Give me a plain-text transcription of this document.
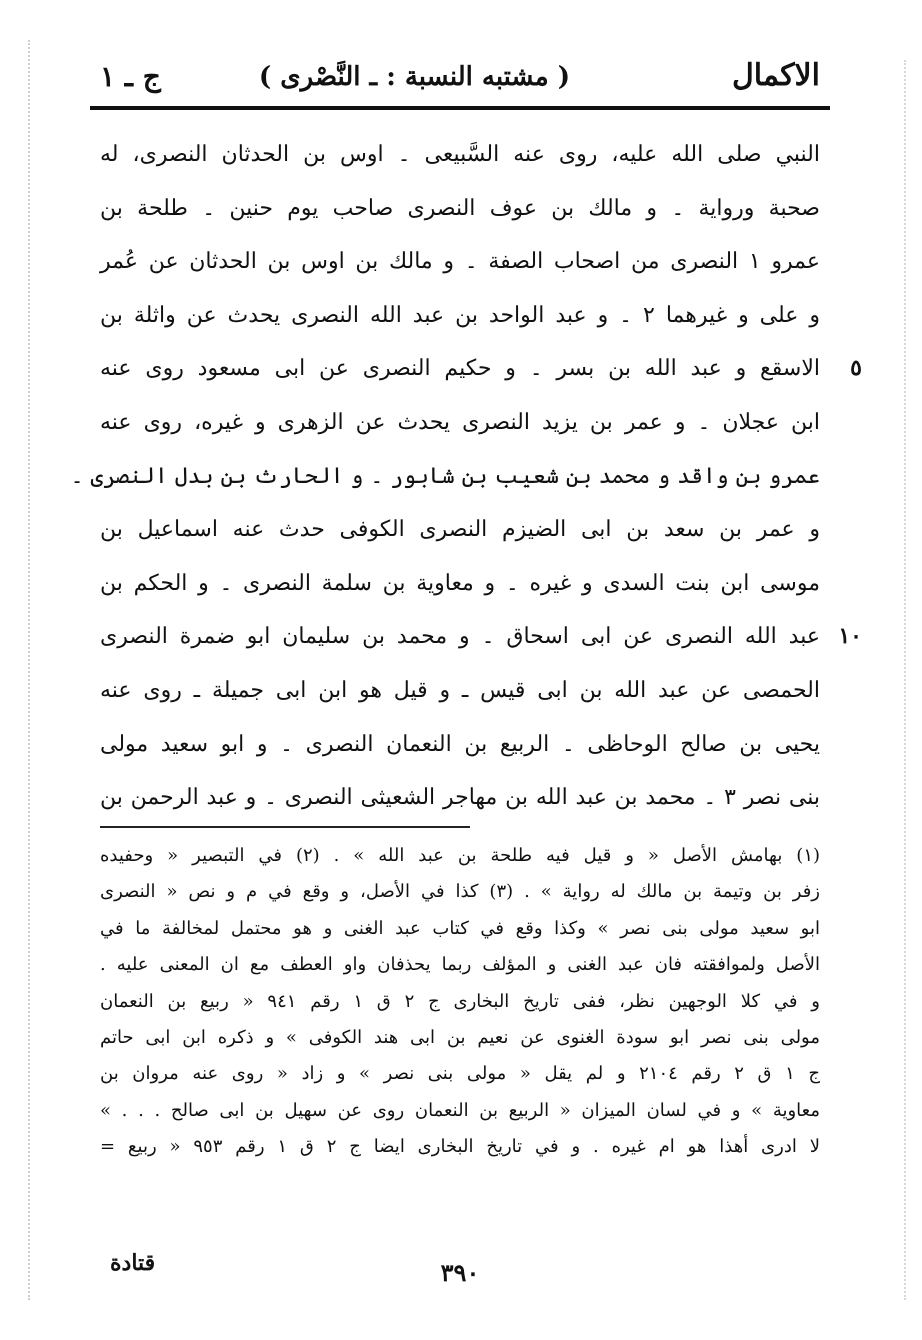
الاكمال
( مشتبه النسبة : ـ النَّصْرى )
ج ـ ١
النبي صلى الله عليه، روى عنه السَّبيعى ۔ اوس بن الحدثان النصرى، له
صحبة ورواية ۔ و مالك بن عوف النصرى صاحب يوم حنين ۔ طلحة بن
عمرو ١ النصرى من اصحاب الصفة ۔ و مالك بن اوس بن الحدثان عن عُمر
و على و غيرهما ٢ ۔ و عبد الواحد بن عبد الله النصرى يحدث عن واثلة بن
الاسقع و عبد الله بن بسر ۔ و حكيم النصرى عن ابى مسعود روى عنه ٥
ابن عجلان ۔ و عمر بن يزيد النصرى يحدث عن الزهرى و غيره، روى عنه
عمرو بن واقد و محمد بن شعيب بن شابور ۔ و الحارث بن بدل النصرى ۔
و عمر بن سعد بن ابى الضيزم النصرى الكوفى حدث عنه اسماعيل بن
موسى ابن بنت السدى و غيره ۔ و معاوية بن سلمة النصرى ۔ و الحكم بن
عبد الله النصرى عن ابى اسحاق ۔ و محمد بن سليمان ابو ضمرة النصرى ١٠
الحمصى عن عبد الله بن ابى قيس ـ و قيل هو ابن ابى جميلة ـ روى عنه
يحيى بن صالح الوحاظى ۔ الربيع بن النعمان النصرى ۔ و ابو سعيد مولى
بنى نصر ٣ ۔ محمد بن عبد الله بن مهاجر الشعيثى النصرى ۔ و عبد الرحمن بن
(١) بهامش الأصل « و قيل فيه طلحة بن عبد الله » . (٢) في التبصير « وحفيده
زفر بن وتيمة بن مالك له رواية » . (٣) كذا في الأصل، و وقع في م و نص « النصرى
ابو سعيد مولى بنى نصر » وكذا وقع في كتاب عبد الغنى و هو محتمل لمخالفة ما في
الأصل ولموافقته فان عبد الغنى و المؤلف ربما يحذفان واو العطف مع ان المعنى عليه .
و في كلا الوجهين نظر، ففى تاريخ البخارى ج ٢ ق ١ رقم ٩٤١ « ربيع بن النعمان
مولى بنى نصر ابو سودة الغنوى عن نعيم بن ابى هند الكوفى » و ذكره ابن ابى حاتم
ج ١ ق ٢ رقم ٢١٠٤ و لم يقل « مولى بنى نصر » و زاد « روى عنه مروان بن
معاوية » و في لسان الميزان « الربيع بن النعمان روى عن سهيل بن ابى صالح . . . »
لا ادرى أهذا هو ام غيره . و في تاريخ البخارى ايضا ج ٢ ق ١ رقم ٩٥٣ « ربيع =
قتادة	٣٩٠
